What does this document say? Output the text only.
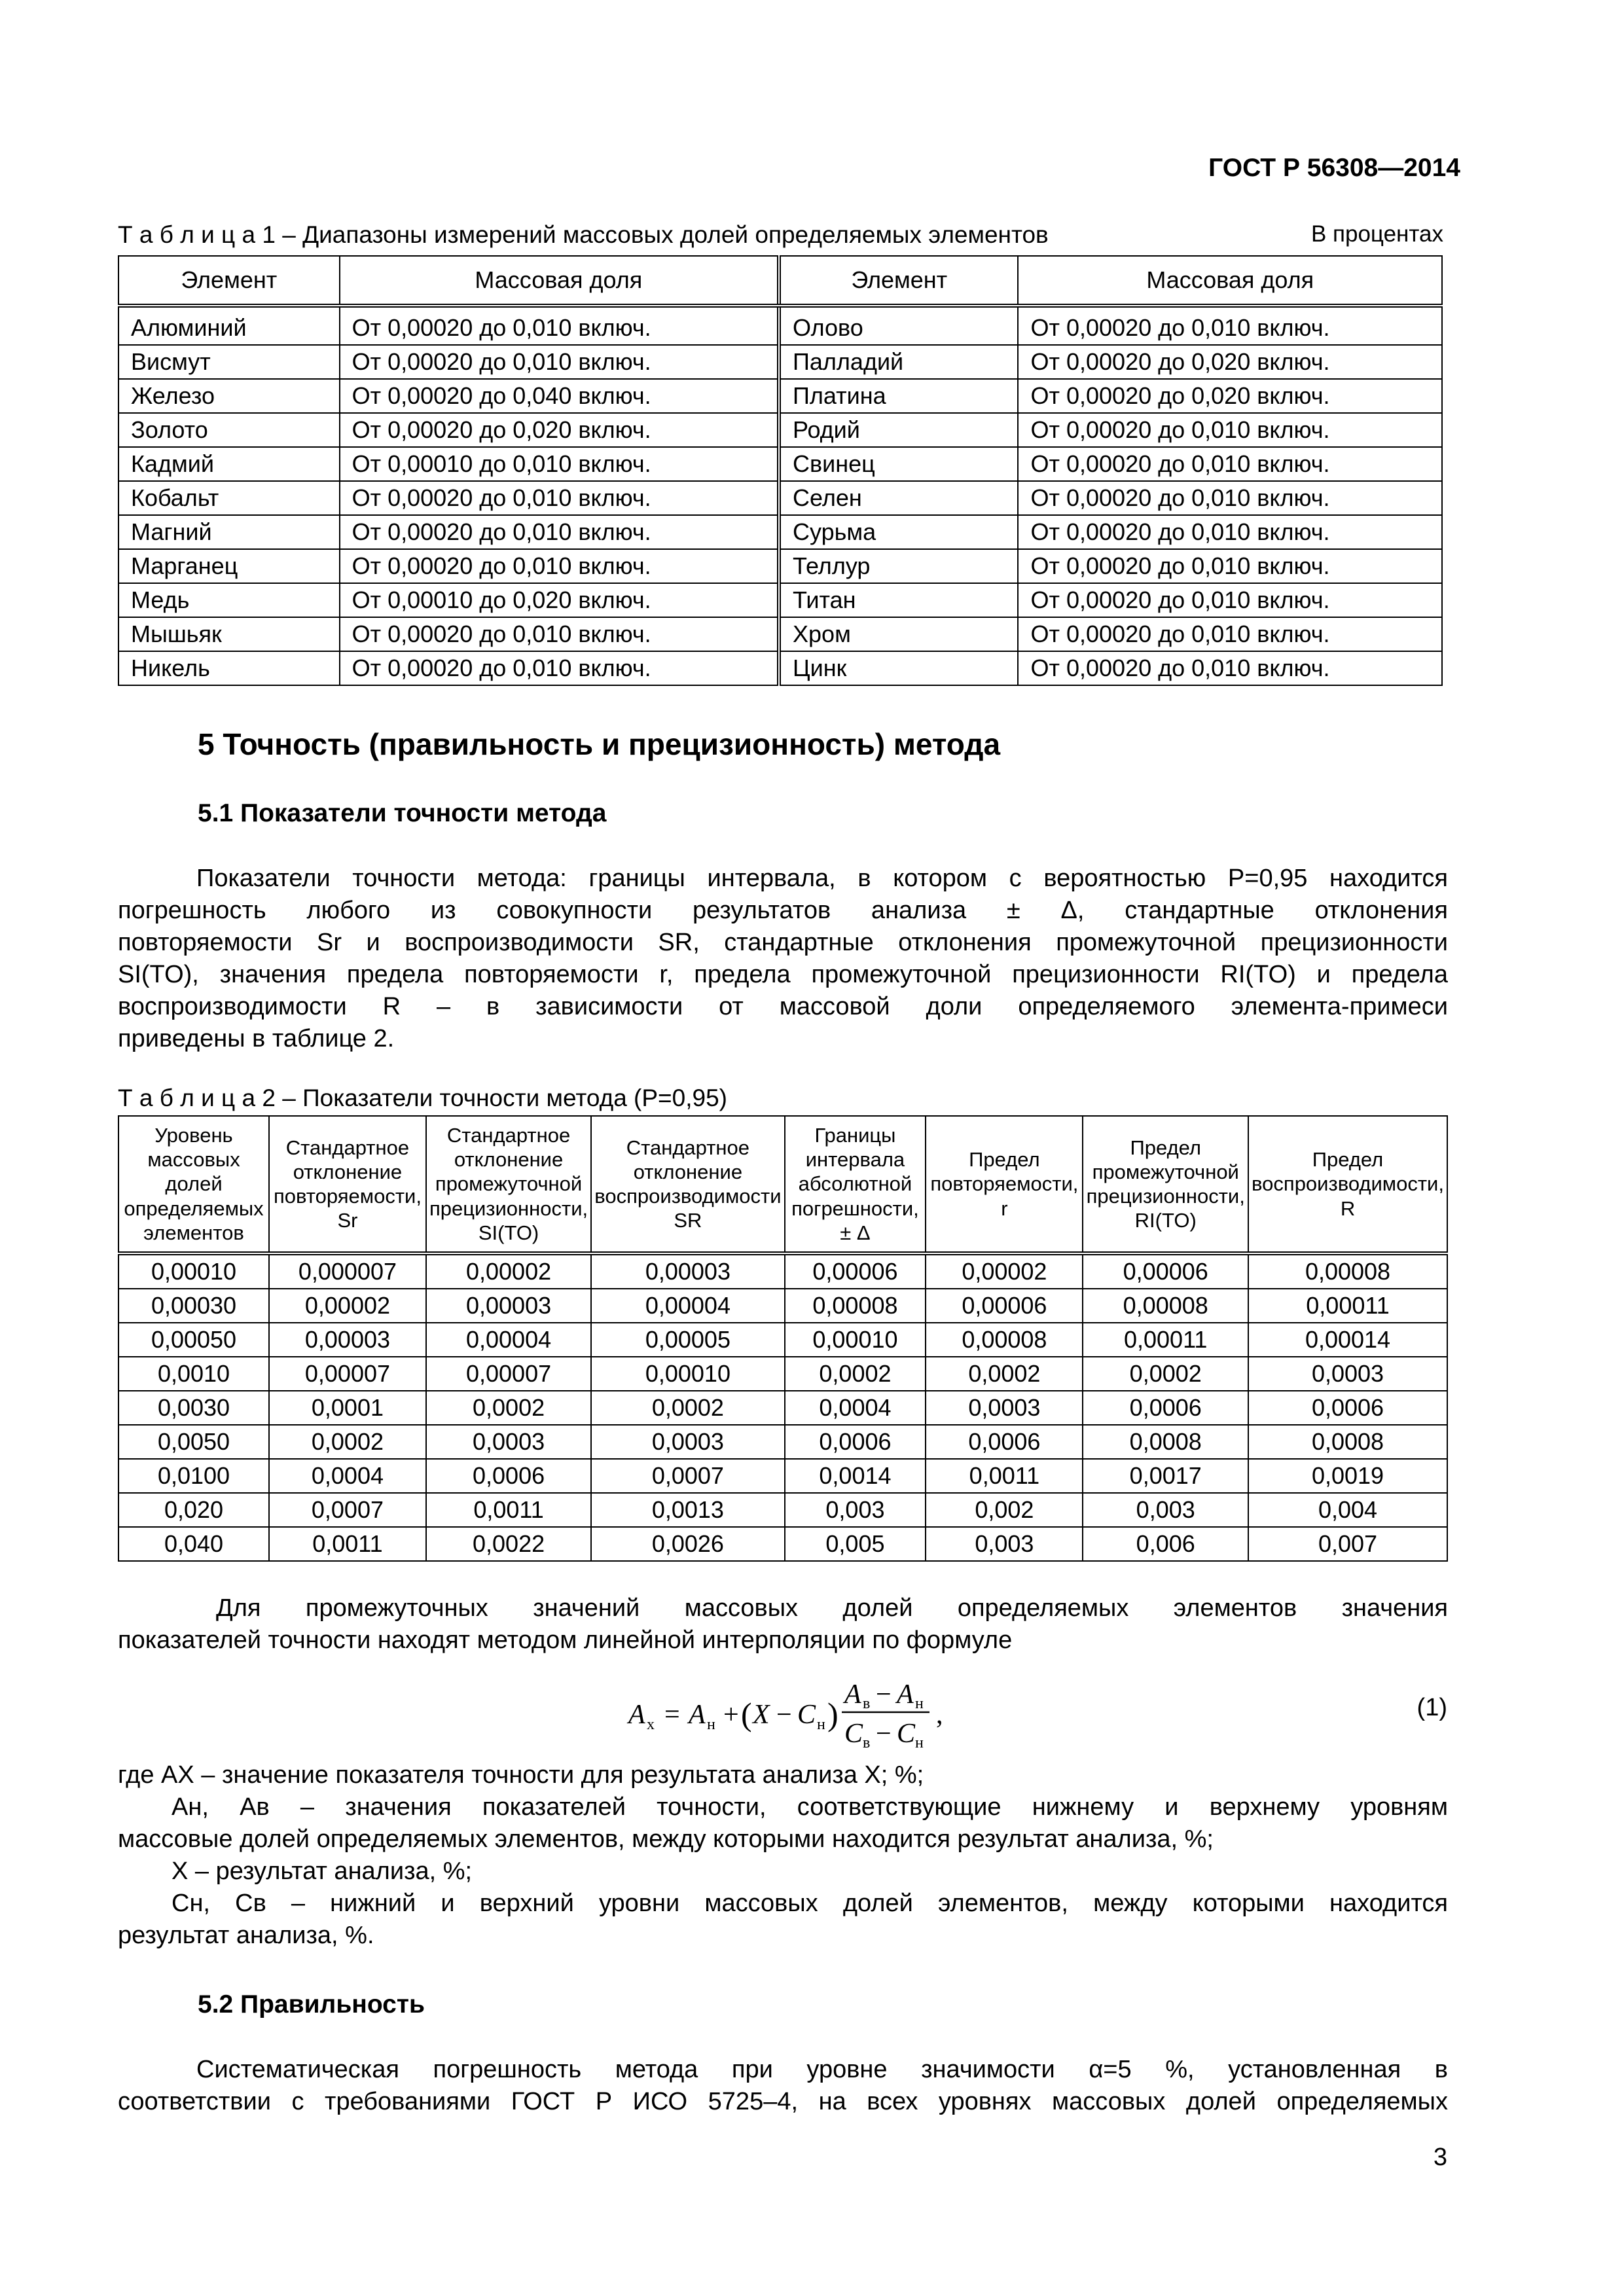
ГОСТ Р 56308—2014
Т а б л и ц а 1 – Диапазоны измерений массовых долей определяемых элементов	В процентах
Элемент	Массовая доля	Элемент	Массовая доля
Алюминий	От 0,00020 до 0,010 включ.	Олово	От 0,00020 до 0,010 включ.
Висмут	От 0,00020 до 0,010 включ.	Палладий	От 0,00020 до 0,020 включ.
Железо	От 0,00020 до 0,040 включ.	Платина	От 0,00020 до 0,020 включ.
Золото	От 0,00020 до 0,020 включ.	Родий	От 0,00020 до 0,010 включ.
Кадмий	От 0,00010 до 0,010 включ.	Свинец	От 0,00020 до 0,010 включ.
Кобальт	От 0,00020 до 0,010 включ.	Селен	От 0,00020 до 0,010 включ.
Магний	От 0,00020 до 0,010 включ.	Сурьма	От 0,00020 до 0,010 включ.
Марганец	От 0,00020 до 0,010 включ.	Теллур	От 0,00020 до 0,010 включ.
Медь	От 0,00010 до 0,020 включ.	Титан	От 0,00020 до 0,010 включ.
Мышьяк	От 0,00020 до 0,010 включ.	Хром	От 0,00020 до 0,010 включ.
Никель	От 0,00020 до 0,010 включ.	Цинк	От 0,00020 до 0,010 включ.
5 Точность (правильность и прецизионность) метода
5.1 Показатели точности метода
Показатели точности метода: границы интервала, в котором с вероятностью P=0,95 находится
погрешность любого из совокупности результатов анализа ± Δ, стандартные отклонения
повторяемости Sr и воспроизводимости SR, стандартные отклонения промежуточной прецизионности
SI(TO), значения предела повторяемости r, предела промежуточной прецизионности RI(TO) и предела
воспроизводимости R – в зависимости от массовой доли определяемого элемента-примеси
приведены в таблице 2.
Т а б л и ц а 2 – Показатели точности метода (P=0,95)
Уровень массовых долей определяемых элементов	Стандартное отклонение повторяемости, Sr	Стандартное отклонение промежуточной прецизионности, SI(TO)	Стандартное отклонение воспроизводимости SR	Границы интервала абсолютной погрешности, ± Δ	Предел повторяемости, r	Предел промежуточной прецизионности, RI(TO)	Предел воспроизводимости, R
0,00010	0,000007	0,00002	0,00003	0,00006	0,00002	0,00006	0,00008
0,00030	0,00002	0,00003	0,00004	0,00008	0,00006	0,00008	0,00011
0,00050	0,00003	0,00004	0,00005	0,00010	0,00008	0,00011	0,00014
0,0010	0,00007	0,00007	0,00010	0,0002	0,0002	0,0002	0,0003
0,0030	0,0001	0,0002	0,0002	0,0004	0,0003	0,0006	0,0006
0,0050	0,0002	0,0003	0,0003	0,0006	0,0006	0,0008	0,0008
0,0100	0,0004	0,0006	0,0007	0,0014	0,0011	0,0017	0,0019
0,020	0,0007	0,0011	0,0013	0,003	0,002	0,003	0,004
0,040	0,0011	0,0022	0,0026	0,005	0,003	0,006	0,007
Для промежуточных значений массовых долей определяемых элементов значения
показателей точности находят методом линейной интерполяции по формуле
A х = A н + ( X − C н )
A в − A н
C в − C н
,	(1)
где AX – значение показателя точности для результата анализа X; %;
Aн, Aв – значения показателей точности, соответствующие нижнему и верхнему уровням
массовые долей определяемых элементов, между которыми находится результат анализа, %;
X – результат анализа, %;
Cн, Cв – нижний и верхний уровни массовых долей элементов, между которыми находится
результат анализа, %.
5.2 Правильность
Систематическая погрешность метода при уровне значимости α=5 %, установленная в
соответствии с требованиями ГОСТ Р ИСО 5725–4, на всех уровнях массовых долей определяемых
3
